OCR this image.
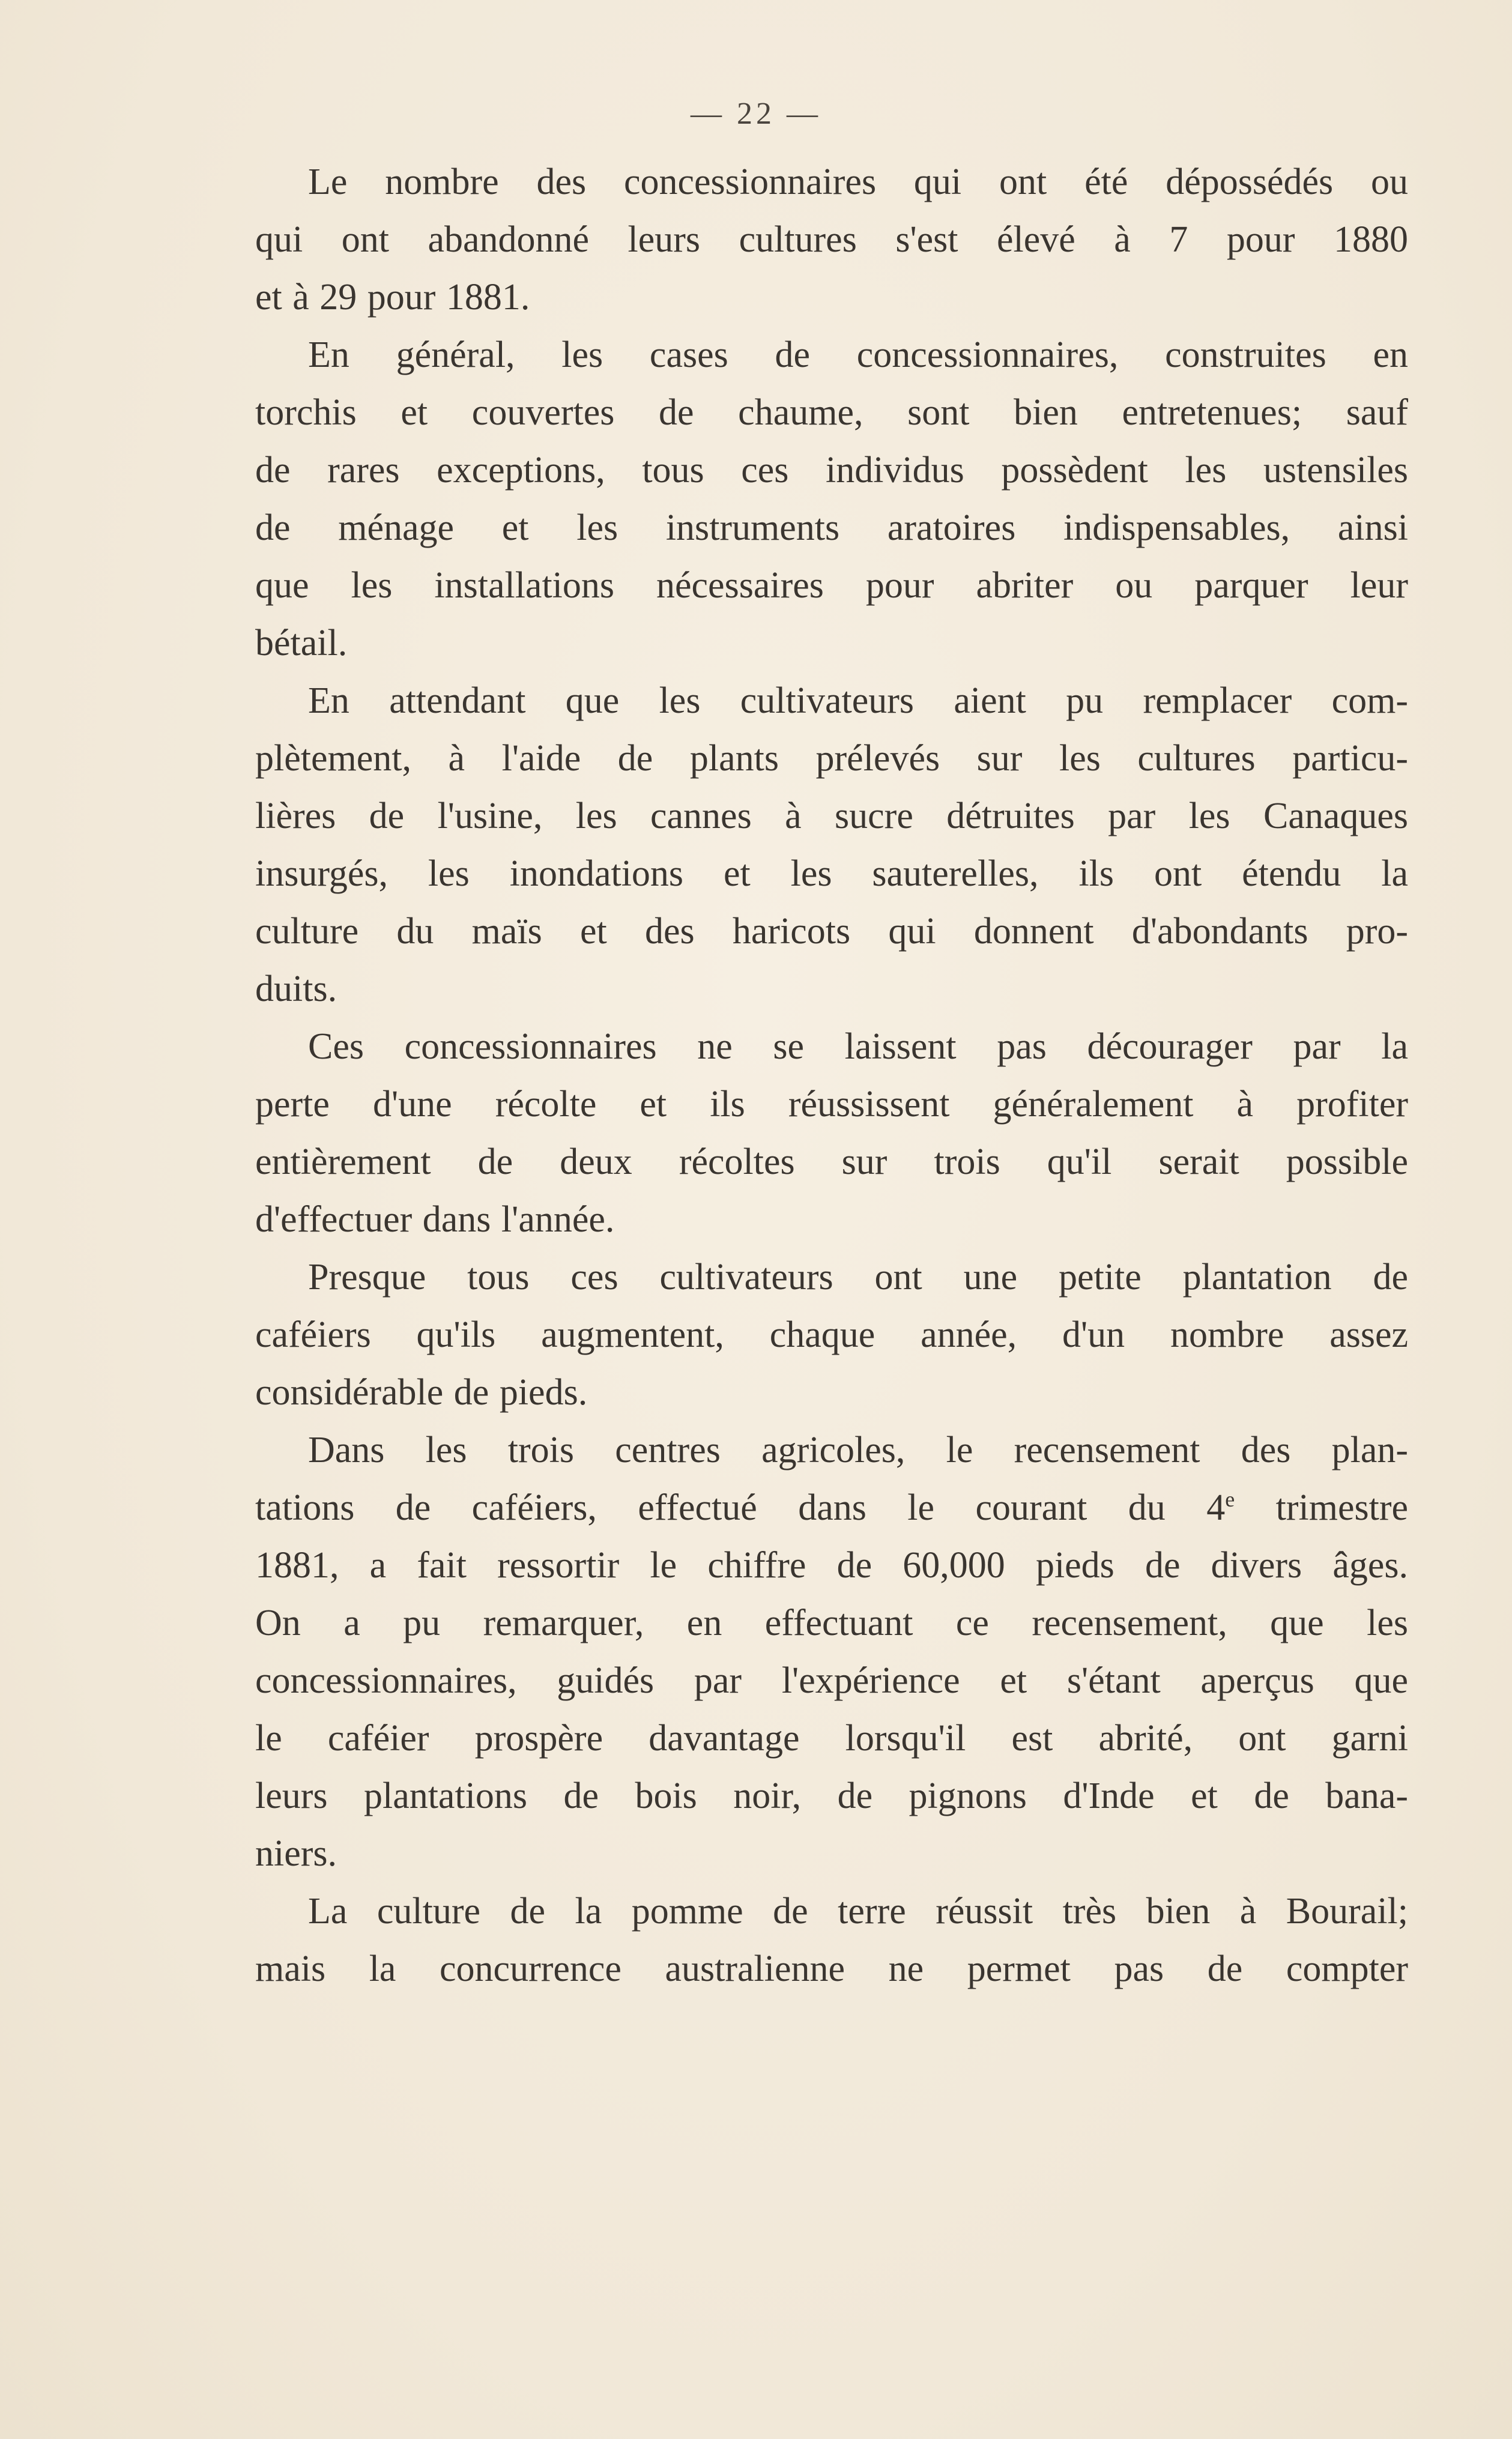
— 22 —

Le nombre des concessionnaires qui ont été dépossédés ou
qui ont abandonné leurs cultures s'est élevé à 7 pour 1880
et à 29 pour 1881.

En général, les cases de concessionnaires, construites en
torchis et couvertes de chaume, sont bien entretenues; sauf
de rares exceptions, tous ces individus possèdent les ustensiles
de ménage et les instruments aratoires indispensables, ainsi
que les installations nécessaires pour abriter ou parquer leur
bétail.

En attendant que les cultivateurs aient pu remplacer com-
plètement, à l'aide de plants prélevés sur les cultures particu-
lières de l'usine, les cannes à sucre détruites par les Canaques
insurgés, les inondations et les sauterelles, ils ont étendu la
culture du maïs et des haricots qui donnent d'abondants pro-
duits.

Ces concessionnaires ne se laissent pas décourager par la
perte d'une récolte et ils réussissent généralement à profiter
entièrement de deux récoltes sur trois qu'il serait possible
d'effectuer dans l'année.

Presque tous ces cultivateurs ont une petite plantation de
caféiers qu'ils augmentent, chaque année, d'un nombre assez
considérable de pieds.

Dans les trois centres agricoles, le recensement des plan-
tations de caféiers, effectué dans le courant du 4e trimestre
1881, a fait ressortir le chiffre de 60,000 pieds de divers âges.
On a pu remarquer, en effectuant ce recensement, que les
concessionnaires, guidés par l'expérience et s'étant aperçus que
le caféier prospère davantage lorsqu'il est abrité, ont garni
leurs plantations de bois noir, de pignons d'Inde et de bana-
niers.

La culture de la pomme de terre réussit très bien à Bourail;
mais la concurrence australienne ne permet pas de compter
